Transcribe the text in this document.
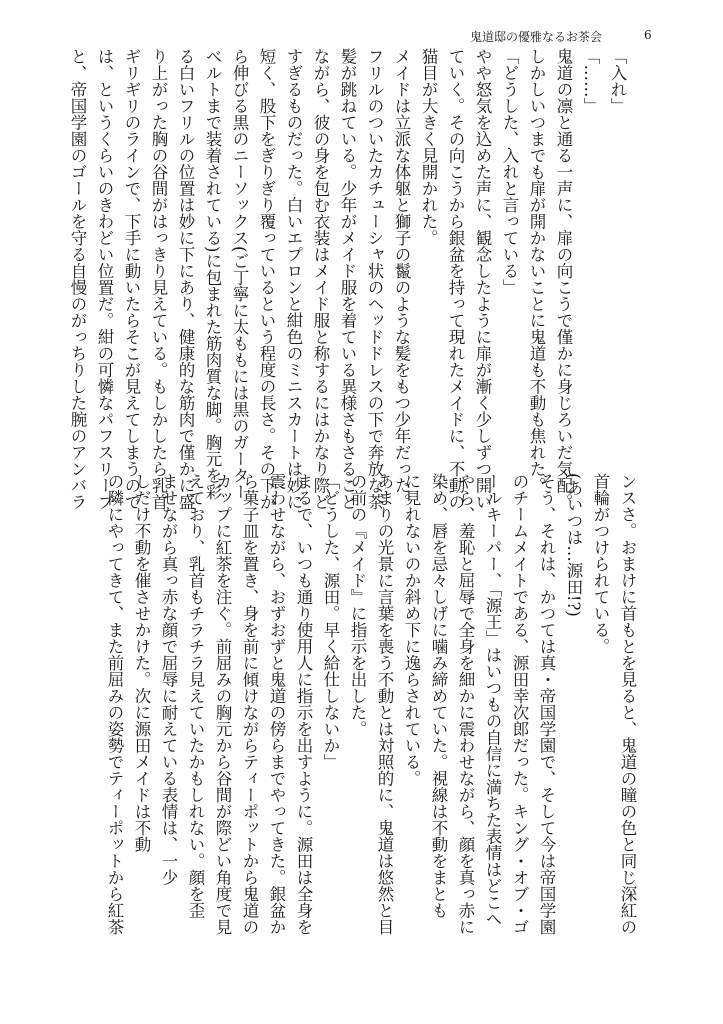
鬼道邸の優雅なるお茶会	6

「入れ」

「……」

鬼道の凛と通る一声に、扉の向こうで僅かに身じろいだ気配。

しかしいつまでも扉が開かないことに鬼道も不動も焦れた。

「どうした、入れと言っている」

やや怒気を込めた声に、観念したように扉が漸く少しずつ開い

ていく。その向こうから銀盆を持って現れたメイドに、不動の

猫目が大きく見開かれた。

メイドは立派な体躯と獅子の鬣のような髪をもつ少年だった。

フリルのついたカチューシャ状のヘッドドレスの下で奔放な茶

髪が跳ねている。少年がメイド服を着ている異様さもさること

ながら、彼の身を包む衣装はメイド服と称するにはかなり際ど

すぎるものだった。白いエプロンと紺色のミニスカートは妙に

短く、股下をぎりぎり覆っているという程度の長さ。その下か

ら伸びる黒のニーソックス(ご丁寧に太ももには黒のガーター

ベルトまで装着されている)に包まれた筋肉質な脚。胸元を彩

る白いフリルの位置は妙に下にあり、健康的な筋肉で僅かに盛

り上がった胸の谷間がはっきり見えている。もしかしたら乳首

ギリギリのラインで、下手に動いたらそこが見えてしまうので

は、というくらいのきわどい位置だ。紺の可憐なパフスリーブ

と、帝国学園のゴールを守る自慢のがっちりした腕のアンバラ

ンスさ。おまけに首もとを見ると、鬼道の瞳の色と同じ深紅の

首輪がつけられている。

(あいつは…源田!?)

そう、それは、かつては真・帝国学園で、そして今は帝国学園

のチームメイトである、源田幸次郎だった。キング・オブ・ゴ

ールキーパー、「源王」はいつもの自信に満ちた表情はどこへ

やら、羞恥と屈辱で全身を細かに震わせながら、顔を真っ赤に

染め、唇を忌々しげに噛み締めていた。視線は不動をまとも

に見れないのか斜め下に逸らされている。

あまりの光景に言葉を喪う不動とは対照的に、鬼道は悠然と目

の前の『メイド』に指示を出した。

「どうした、源田。早く給仕しないか」

まるで、いつも通り使用人に指示を出すように。源田は全身を

震わせながら、おずおずと鬼道の傍らまでやってきた。銀盆か

ら菓子皿を置き、身を前に傾けながらティーポットから鬼道の

カップに紅茶を注ぐ。前屈みの胸元から谷間が際どい角度で見

えており、乳首もチラチラ見えていたかもしれない。顔を歪

ませながら真っ赤な顔で屈辱に耐えている表情は、一少

しだけ不動を催させかけた。次に源田メイドは不動

の隣にやってきて、また前屈みの姿勢でティーポットから紅茶
